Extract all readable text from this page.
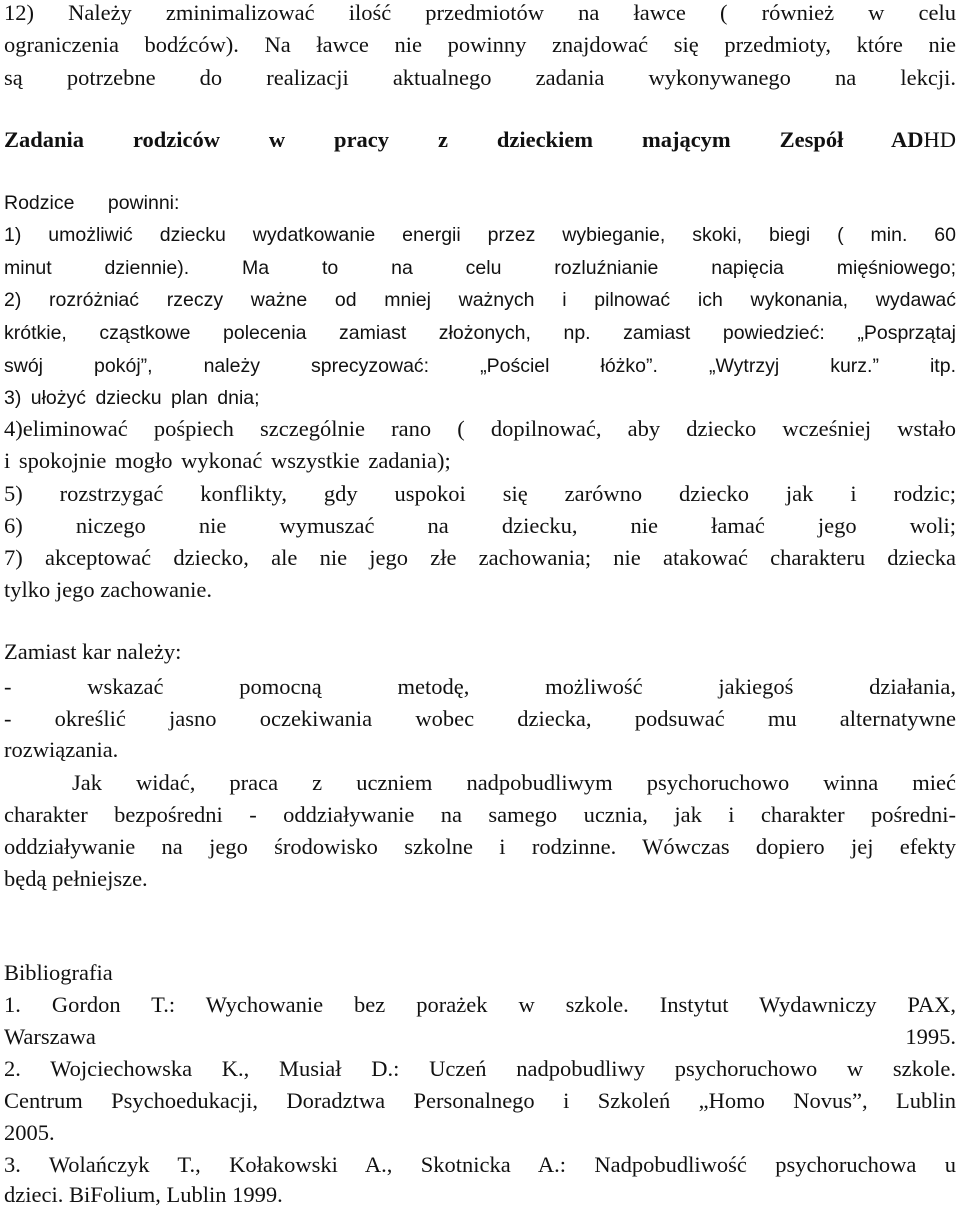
12) Należy zminimalizować ilość przedmiotów na ławce ( również w celu
ograniczenia bodźców). Na ławce nie powinny znajdować się przedmioty, które nie
są potrzebne do realizacji aktualnego zadania wykonywanego na lekcji.
Zadania rodziców w pracy z dzieckiem mającym Zespół ADHD
Rodzice powinni:
1) umożliwić dziecku wydatkowanie energii przez wybieganie, skoki, biegi ( min. 60
minut dziennie). Ma to na celu rozluźnianie napięcia mięśniowego;
2) rozróżniać rzeczy ważne od mniej ważnych i pilnować ich wykonania, wydawać
krótkie, cząstkowe polecenia zamiast złożonych, np. zamiast powiedzieć: „Posprzątaj
swój pokój”, należy sprecyzować: „Pościel łóżko”. „Wytrzyj kurz.” itp.
3) ułożyć dziecku plan dnia;
4)eliminować pośpiech szczególnie rano ( dopilnować, aby dziecko wcześniej wstało
i spokojnie mogło wykonać wszystkie zadania);
5) rozstrzygać konflikty, gdy uspokoi się zarówno dziecko jak i rodzic;
6) niczego nie wymuszać na dziecku, nie łamać jego woli;
7) akceptować dziecko, ale nie jego złe zachowania; nie atakować charakteru dziecka
tylko jego zachowanie.
Zamiast kar należy:
- wskazać pomocną metodę, możliwość jakiegoś działania,
- określić jasno oczekiwania wobec dziecka, podsuwać mu alternatywne
rozwiązania.
Jak widać, praca z uczniem nadpobudliwym psychoruchowo winna mieć
charakter bezpośredni - oddziaływanie na samego ucznia, jak i charakter pośredni-
oddziaływanie na jego środowisko szkolne i rodzinne. Wówczas dopiero jej efekty
będą pełniejsze.
Bibliografia
1. Gordon T.: Wychowanie bez porażek w szkole. Instytut Wydawniczy PAX,
Warszawa	1995.
2. Wojciechowska K., Musiał D.: Uczeń nadpobudliwy psychoruchowo w szkole.
Centrum Psychoedukacji, Doradztwa Personalnego i Szkoleń „Homo Novus”, Lublin
2005.
3. Wolańczyk T., Kołakowski A., Skotnicka A.: Nadpobudliwość psychoruchowa u
dzieci. BiFolium, Lublin 1999.
